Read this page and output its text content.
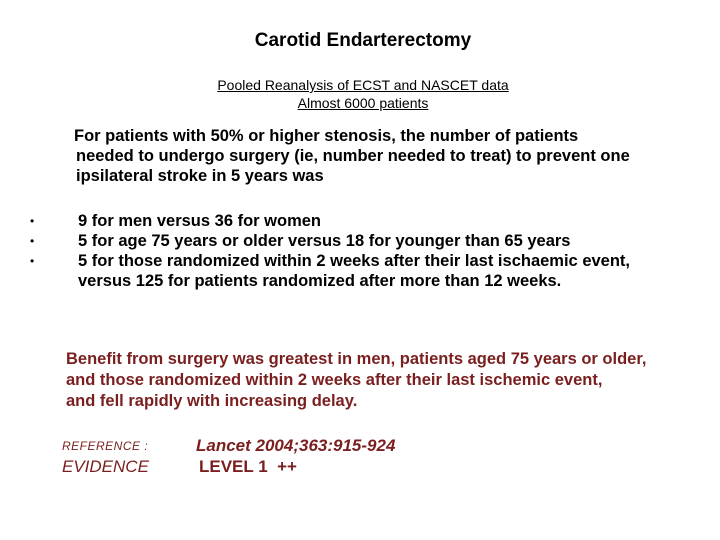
Carotid Endarterectomy
Pooled Reanalysis of ECST and NASCET data
Almost 6000 patients
For patients with 50% or higher stenosis, the number of patients
needed to undergo surgery (ie, number needed to treat) to prevent one
ipsilateral stroke in 5 years was
•	9 for men versus 36 for women
•	5 for age 75 years or older versus 18 for younger than 65 years
•	5 for those randomized within 2 weeks after their last ischaemic event,
versus 125 for patients randomized after more than 12 weeks.
Benefit from surgery was greatest in men, patients aged 75 years or older,
and those randomized within 2 weeks after their last ischemic event,
and fell rapidly with increasing delay.
REFERENCE :	Lancet 2004;363:915-924
EVIDENCE	LEVEL 1  ++
